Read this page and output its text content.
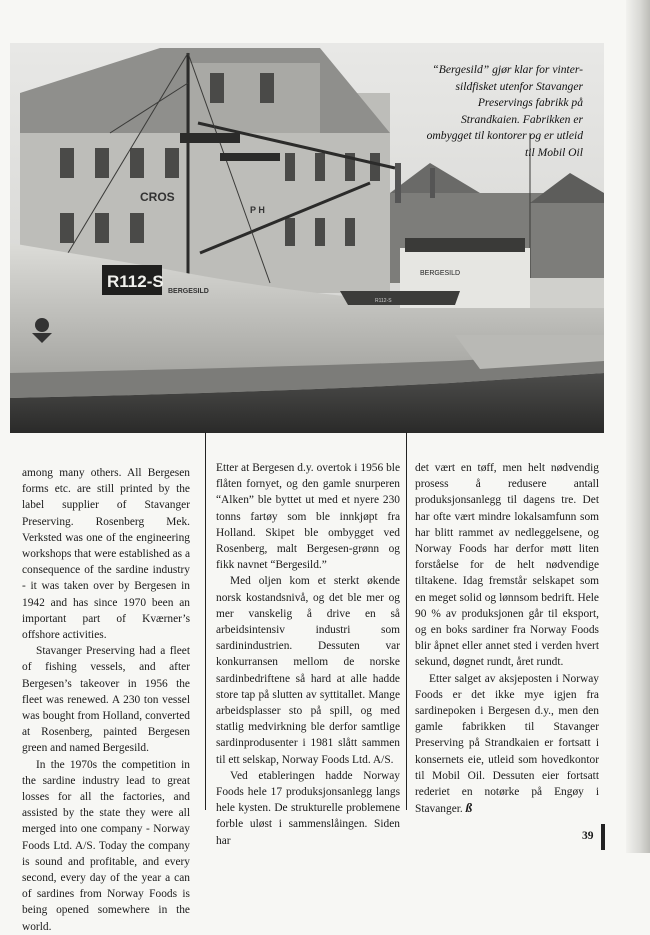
CROS
P H
BERGESILD
R112-S
R112-S
BERGESILD
“Bergesild” gjør klar for vinter-
sildfisket utenfor Stavanger
Preservings fabrikk på
Strandkaien. Fabrikken er
ombygget til kontorer og er utleid
til Mobil Oil

among many others. All Bergesen forms etc. are still printed by the label supplier of Stavanger Preserving. Rosenberg Mek. Verksted was one of the engineering workshops that were established as a consequence of the sardine industry - it was taken over by Bergesen in 1942 and has since 1970 been an important part of Kværner’s offshore activities.

Stavanger Preserving had a fleet of fishing vessels, and after Bergesen’s takeover in 1956 the fleet was renewed. A 230 ton vessel was bought from Holland, converted at Rosenberg, painted Bergesen green and named Bergesild.

In the 1970s the competition in the sardine industry lead to great losses for all the factories, and assisted by the state they were all merged into one company - Norway Foods Ltd. A/S. Today the company is sound and profitable, and every second, every day of the year a can of sardines from Norway Foods is being opened somewhere in the world.

Etter at Bergesen d.y. overtok i 1956 ble flåten fornyet, og den gamle snurperen “Alken” ble byttet ut med et nyere 230 tonns fartøy som ble innkjøpt fra Holland. Skipet ble ombygget ved Rosenberg, malt Bergesen-grønn og fikk navnet “Bergesild.”

Med oljen kom et sterkt økende norsk kostandsnivå, og det ble mer og mer vanskelig å drive en så arbeidsintensiv industri som sardinindustrien. Dessuten var konkurransen mellom de norske sardinbedriftene så hard at alle hadde store tap på slutten av syttitallet. Mange arbeidsplasser sto på spill, og med statlig medvirkning ble derfor samtlige sardinprodusenter i 1981 slått sammen til ett selskap, Norway Foods Ltd. A/S.

Ved etableringen hadde Norway Foods hele 17 produksjonsanlegg langs hele kysten. De strukturelle problemene forble uløst i sammenslåingen. Siden har

det vært en tøff, men helt nødvendig prosess å redusere antall produksjonsanlegg til dagens tre. Det har ofte vært mindre lokalsamfunn som har blitt rammet av nedleggelsene, og Norway Foods har derfor møtt liten forståelse for de helt nødvendige tiltakene. Idag fremstår selskapet som en meget solid og lønnsom bedrift. Hele 90 % av produksjonen går til eksport, og en boks sardiner fra Norway Foods blir åpnet eller annet sted i verden hvert sekund, døgnet rundt, året rundt.

Etter salget av aksjeposten i Norway Foods er det ikke mye igjen fra sardinepoken i Bergesen d.y., men den gamle fabrikken til Stavanger Preserving på Strandkaien er fortsatt i konsernets eie, utleid som hovedkontor til Mobil Oil. Dessuten eier fortsatt rederiet en notørke på Engøy i Stavanger. ß

39
